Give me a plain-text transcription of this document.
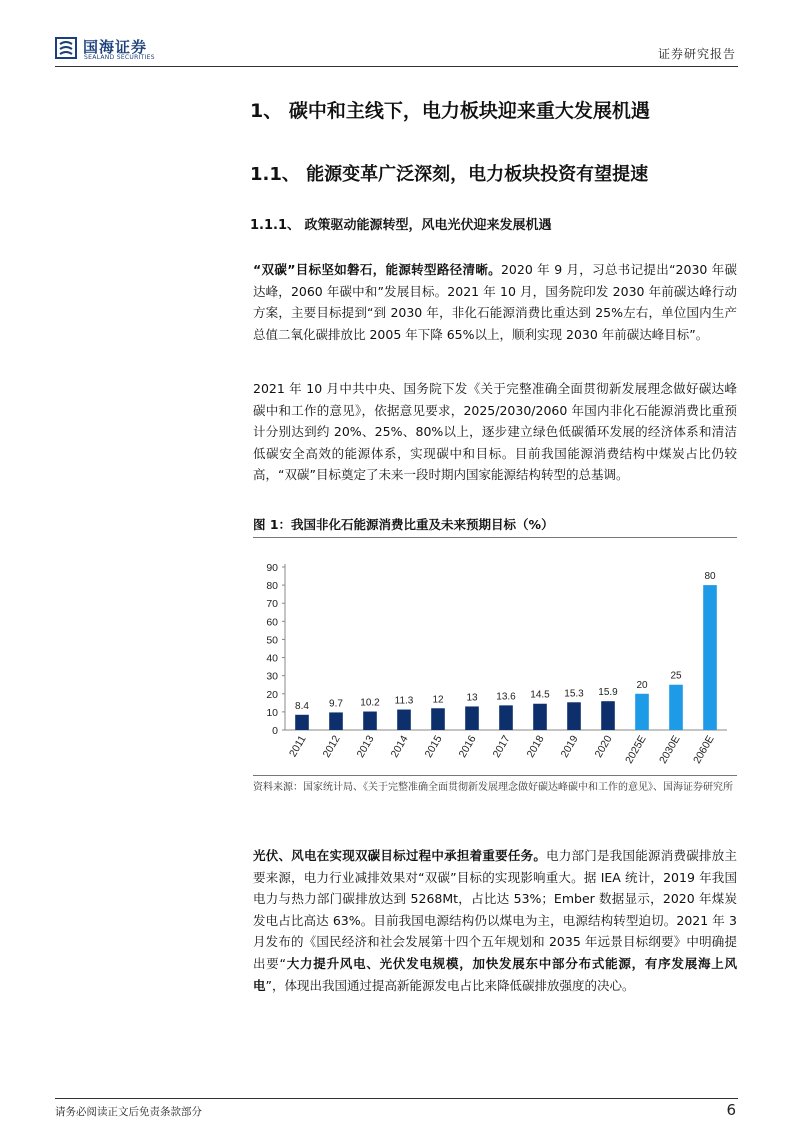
国海证券
SEALAND SECURITIES	证券研究报告
1、 碳中和主线下，电力板块迎来重大发展机遇
1.1、 能源变革广泛深刻，电力板块投资有望提速
1.1.1、 政策驱动能源转型，风电光伏迎来发展机遇
“双碳”目标坚如磐石，能源转型路径清晰。2020 年 9 月，习总书记提出“2030 年碳达峰，2060 年碳中和”发展目标。2021 年 10 月，国务院印发 2030 年前碳达峰行动方案，主要目标提到“到 2030 年，非化石能源消费比重达到 25%左右，单位国内生产总值二氧化碳排放比 2005 年下降 65%以上，顺利实现 2030 年前碳达峰目标”。
2021 年 10 月中共中央、国务院下发《关于完整准确全面贯彻新发展理念做好碳达峰碳中和工作的意见》，依据意见要求，2025/2030/2060 年国内非化石能源消费比重预计分别达到约 20%、25%、80%以上，逐步建立绿色低碳循环发展的经济体系和清洁低碳安全高效的能源体系，实现碳中和目标。目前我国能源消费结构中煤炭占比仍较高，“双碳”目标奠定了未来一段时期内国家能源结构转型的总基调。
图 1：我国非化石能源消费比重及未来预期目标（%）
0
10
20
30
40
50
60
70
80
90
8.4
2011
9.7
2012
10.2
2013
11.3
2014
12
2015
13
2016
13.6
2017
14.5
2018
15.3
2019
15.9
2020
20
2025E
25
2030E
80
2060E
资料来源：国家统计局、《关于完整准确全面贯彻新发展理念做好碳达峰碳中和工作的意见》、国海证券研究所
光伏、风电在实现双碳目标过程中承担着重要任务。电力部门是我国能源消费碳排放主要来源，电力行业减排效果对“双碳”目标的实现影响重大。据 IEA 统计，2019 年我国电力与热力部门碳排放达到 5268Mt，占比达 53%；Ember 数据显示，2020 年煤炭发电占比高达 63%。目前我国电源结构仍以煤电为主，电源结构转型迫切。2021 年 3 月发布的《国民经济和社会发展第十四个五年规划和 2035 年远景目标纲要》中明确提出要“大力提升风电、光伏发电规模，加快发展东中部分布式能源，有序发展海上风电”，体现出我国通过提高新能源发电占比来降低碳排放强度的决心。
请务必阅读正文后免责条款部分	6
